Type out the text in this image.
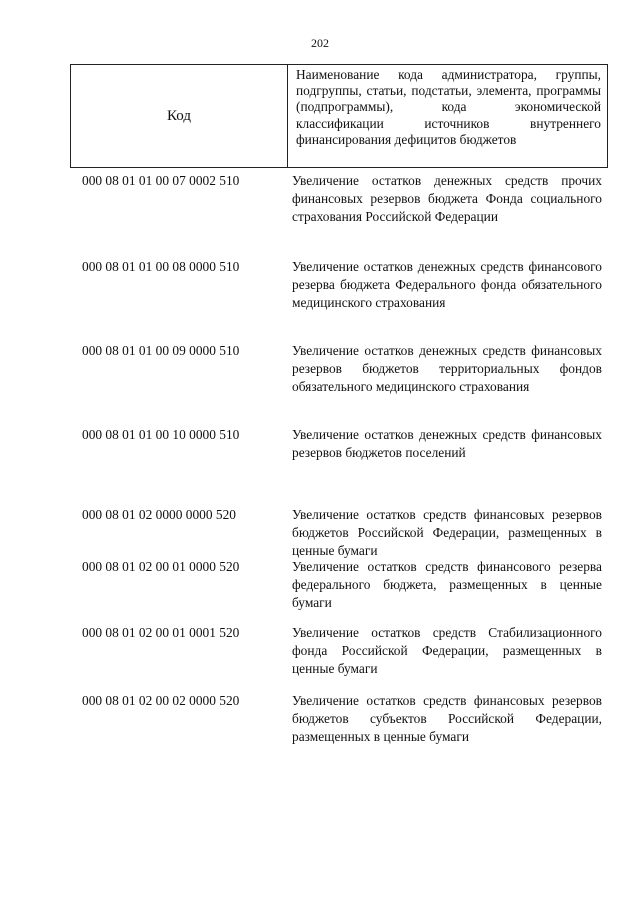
202
Код	Наименование кода администратора, группы, подгруппы, статьи, подстатьи, элемента, программы (подпрограммы), кода экономической классификации источников внутреннего финансирования дефицитов бюджетов
000 08 01 01 00 07 0002 510	Увеличение остатков денежных средств прочих финансовых резервов бюджета Фонда социального страхования Российской Федерации
000 08 01 01 00 08 0000 510	Увеличение остатков денежных средств финансового резерва бюджета Федерального фонда обязательного медицинского страхования
000 08 01 01 00 09 0000 510	Увеличение остатков денежных средств финансовых резервов бюджетов территориальных фондов обязательного медицинского страхования
000 08 01 01 00 10 0000 510	Увеличение остатков денежных средств финансовых резервов бюджетов поселений
000 08 01 02 0000 0000 520	Увеличение остатков средств финансовых резервов бюджетов Российской Федерации, размещенных в ценные бумаги
000 08 01 02 00 01 0000 520	Увеличение остатков средств финансового резерва федерального бюджета, размещенных в ценные бумаги
000 08 01 02 00 01 0001 520	Увеличение остатков средств Стабилизационного фонда Российской Федерации, размещенных в ценные бумаги
000 08 01 02 00 02 0000 520	Увеличение остатков средств финансовых резервов бюджетов субъектов Российской Федерации, размещенных в ценные бумаги
